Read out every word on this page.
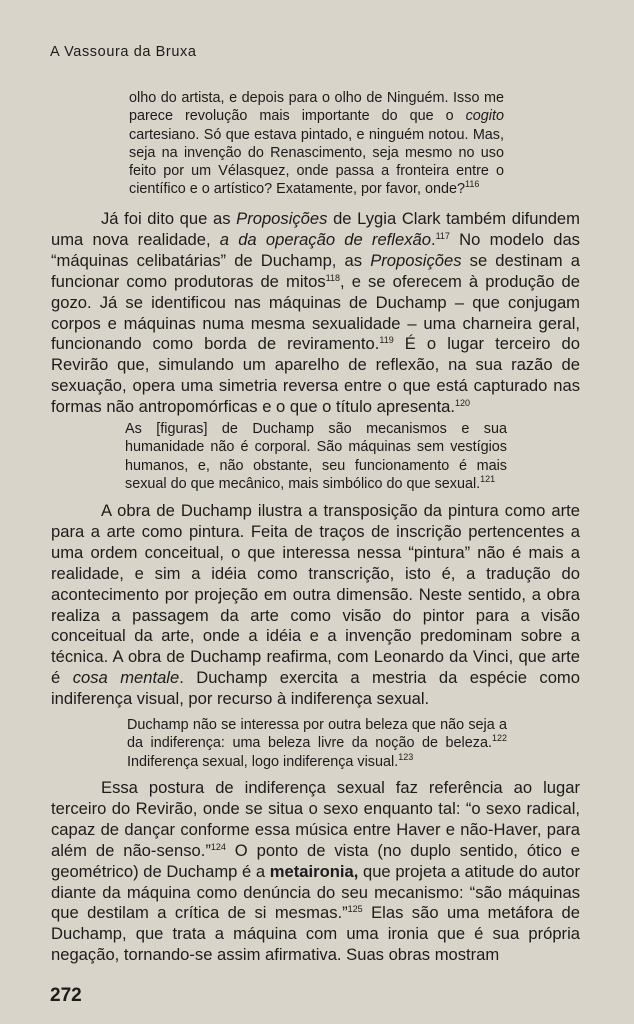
A Vassoura da Bruxa

olho do artista, e depois para o olho de Ninguém. Isso me parece revolução mais importante do que o cogito cartesiano. Só que estava pintado, e ninguém notou. Mas, seja na invenção do Renascimento, seja mesmo no uso feito por um Vélasquez, onde passa a fronteira entre o científico e o artístico? Exatamente, por favor, onde?$^{116}$

Já foi dito que as Proposições de Lygia Clark também difundem uma nova realidade, a da operação de reflexão.$^{117}$ No modelo das “máquinas celibatárias” de Duchamp, as Proposições se destinam a funcionar como produtoras de mitos$^{118}$, e se oferecem à produção de gozo. Já se identificou nas máquinas de Duchamp – que conjugam corpos e máquinas numa mesma sexualidade – uma charneira geral, funcionando como borda de reviramento.$^{119}$ É o lugar terceiro do Revirão que, simulando um aparelho de reflexão, na sua razão de sexuação, opera uma simetria reversa entre o que está capturado nas formas não antropomórficas e o que o título apresenta.$^{120}$

As [figuras] de Duchamp são mecanismos e sua humanidade não é corporal. São máquinas sem vestígios humanos, e, não obstante, seu funcionamento é mais sexual do que mecânico, mais simbólico do que sexual.$^{121}$

A obra de Duchamp ilustra a transposição da pintura como arte para a arte como pintura. Feita de traços de inscrição pertencentes a uma ordem conceitual, o que interessa nessa “pintura” não é mais a realidade, e sim a idéia como transcrição, isto é, a tradução do acontecimento por projeção em outra dimensão. Neste sentido, a obra realiza a passagem da arte como visão do pintor para a visão conceitual da arte, onde a idéia e a invenção predominam sobre a técnica. A obra de Duchamp reafirma, com Leonardo da Vinci, que arte é cosa mentale. Duchamp exercita a mestria da espécie como indiferença visual, por recurso à indiferença sexual.

Duchamp não se interessa por outra beleza que não seja a da indiferença: uma beleza livre da noção de beleza.$^{122}$ Indiferença sexual, logo indiferença visual.$^{123}$

Essa postura de indiferença sexual faz referência ao lugar terceiro do Revirão, onde se situa o sexo enquanto tal: “o sexo radical, capaz de dançar conforme essa música entre Haver e não-Haver, para além de não-senso.”$^{124}$ O ponto de vista (no duplo sentido, ótico e geométrico) de Duchamp é a metaironia, que projeta a atitude do autor diante da máquina como denúncia do seu mecanismo: “são máquinas que destilam a crítica de si mesmas.”$^{125}$ Elas são uma metáfora de Duchamp, que trata a máquina com uma ironia que é sua própria negação, tornando-se assim afirmativa. Suas obras mostram

272
